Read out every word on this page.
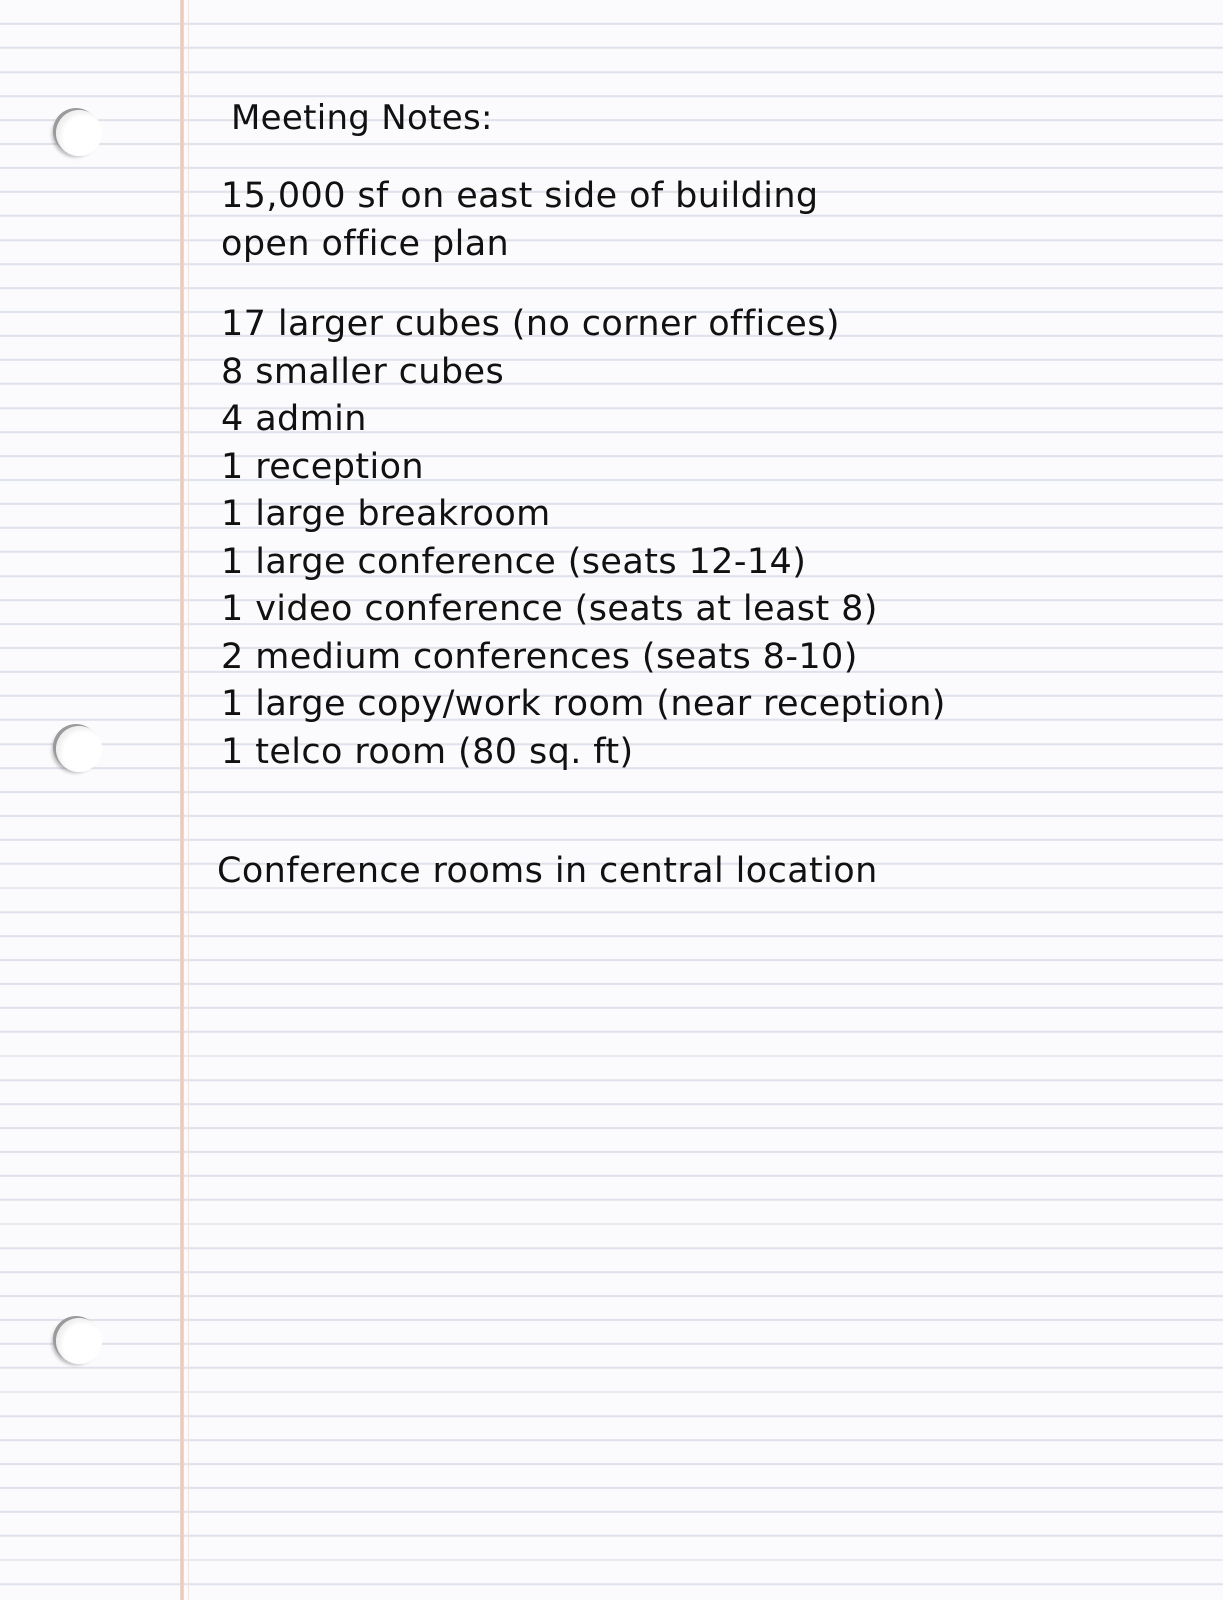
Meeting Notes:
15,000 sf on east side of building
open office plan
17 larger cubes (no corner offices)
8 smaller cubes
4 admin
1 reception
1 large breakroom
1 large conference (seats 12-14)
1 video conference (seats at least 8)
2 medium conferences (seats 8-10)
1 large copy/work room (near reception)
1 telco room (80 sq. ft)

Conference rooms in central location
